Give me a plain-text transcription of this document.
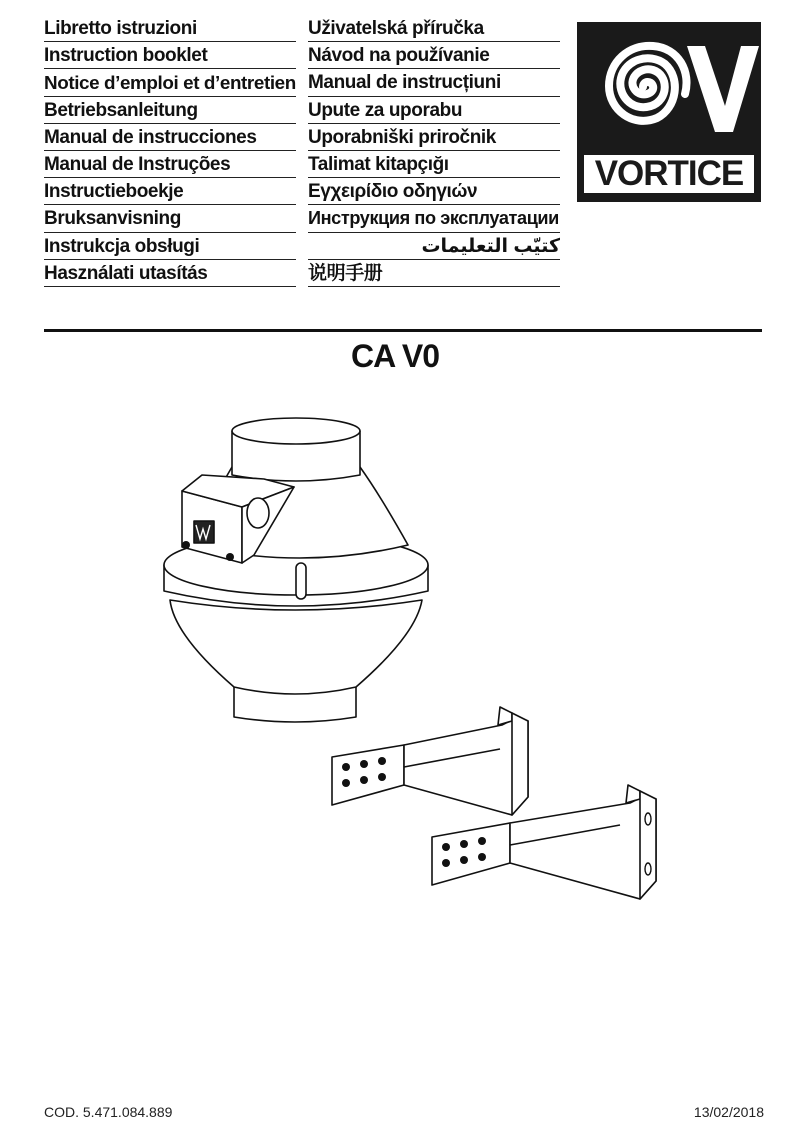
Libretto istruzioni
Instruction booklet
Notice d’emploi et d’entretien
Betriebsanleitung
Manual de instrucciones
Manual de Instruções
Instructieboekje
Bruksanvisning
Instrukcja obsługi
Használati utasítás
Uživatelská příručka
Návod na používanie
Manual de instrucțiuni
Upute za uporabu
Uporabniški priročnik
Talimat kitapçığı
Εγχειρίδιο οδηγιών
Инструкция по эксплуатации
كتيّب التعليمات
说明手册
VORTICE
CA V0
COD. 5.471.084.889	13/02/2018
